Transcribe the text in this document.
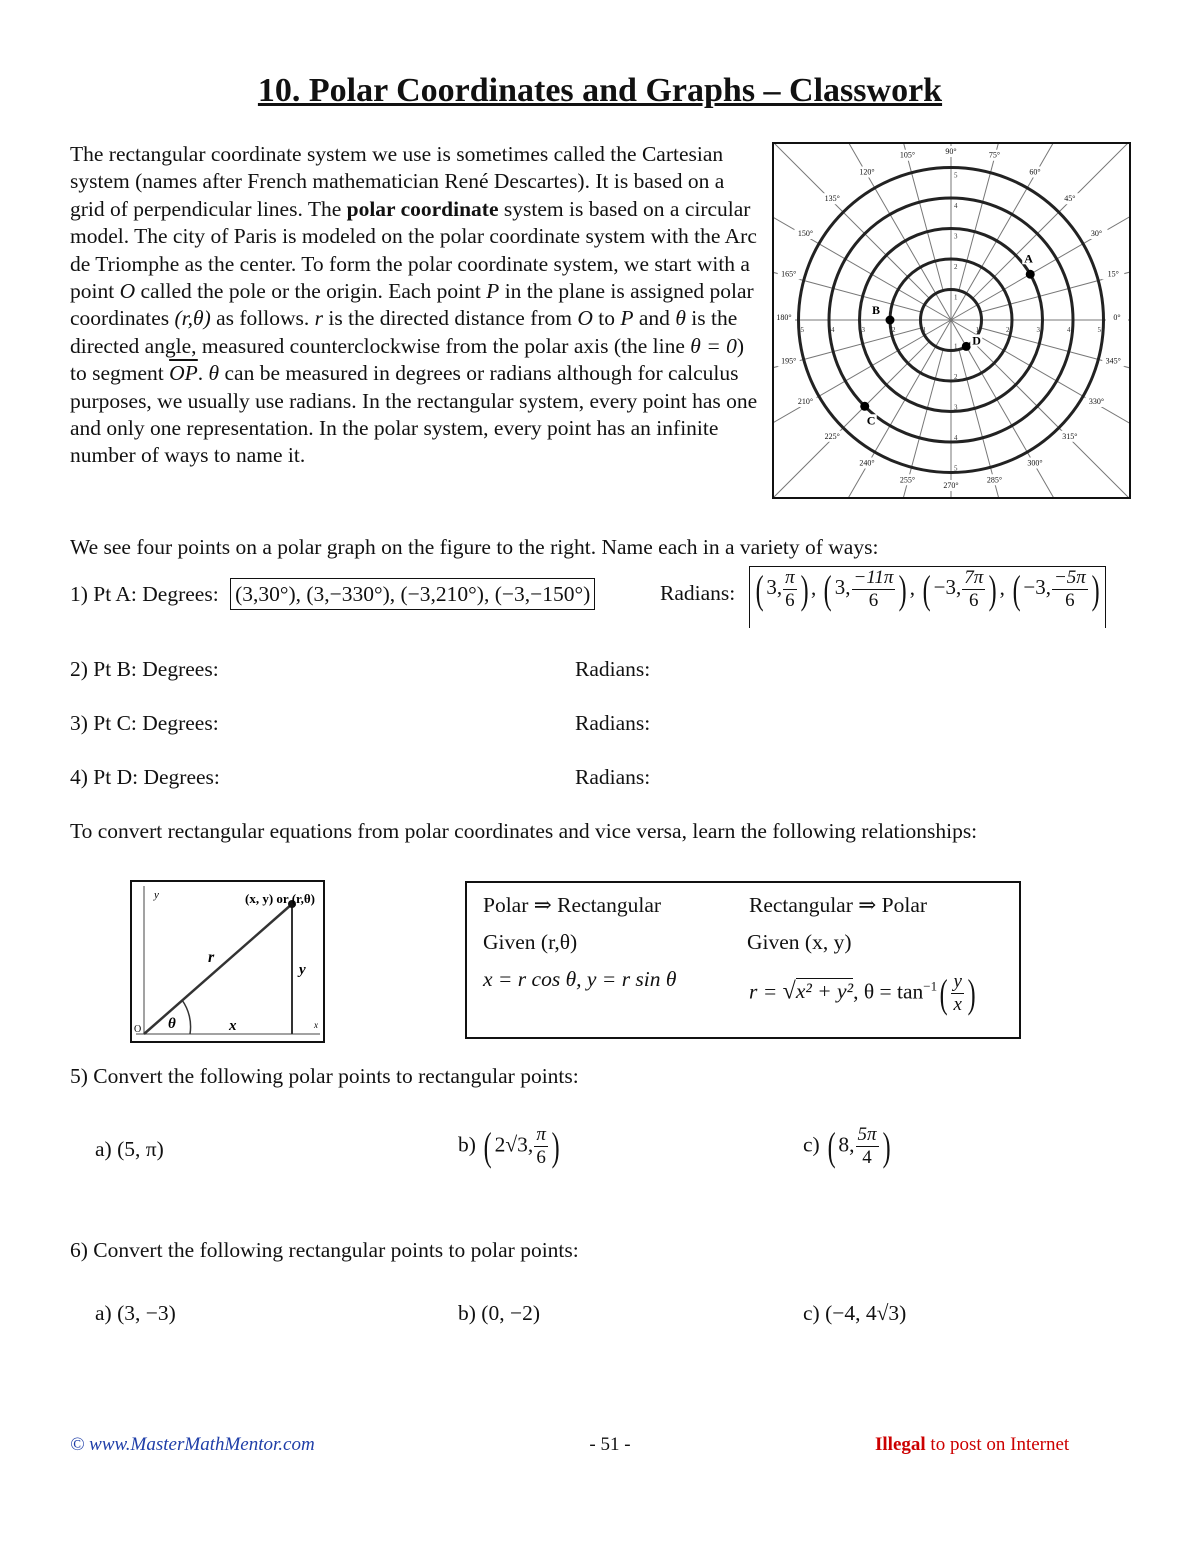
10. Polar Coordinates and Graphs – Classwork
The rectangular coordinate system we use is sometimes called the Cartesian system (names after French mathematician René Descartes). It is based on a grid of perpendicular lines. The polar coordinate system is based on a circular model. The city of Paris is modeled on the polar coordinate system with the Arc de Triomphe as the center. To form the polar coordinate system, we start with a point O called the pole or the origin. Each point P in the plane is assigned polar coordinates (r,θ) as follows. r is the directed distance from O to P and θ is the directed angle, measured counterclockwise from the polar axis (the line θ = 0) to segment $\overline{OP}$. θ can be measured in degrees or radians although for calculus purposes, we usually use radians. In the rectangular system, every point has one and only one representation. In the polar system, every point has an infinite number of ways to name it.
1
1
1
1
2
2
2
2
3
3
3
3
4
4
4
4
5
5
5
5
0°
15°
30°
45°
60°
75°
90°
105°
120°
135°
150°
165°
180°
195°
210°
225°
240°
255°
270°
285°
300°
315°
330°
345°
A
B
C
D
We see four points on a polar graph on the figure to the right. Name each in a variety of ways:
1) Pt A: Degrees: (3,30°), (3,−330°), (−3,210°), (−3,−150°)	Radians: ( 3, $\frac{\pi}{6}$ ) , ( 3, $\frac{-11\pi}{6}$ ) , ( −3, $\frac{7\pi}{6}$ ) , ( −3, $\frac{-5\pi}{6}$ )
2) Pt B: Degrees:	Radians:
3) Pt C: Degrees:	Radians:
4) Pt D: Degrees:	Radians:
To convert rectangular equations from polar coordinates and vice versa, learn the following relationships:
y
x
O
(x, y) or (r,θ)
r
y
x
θ
Polar ⇒ Rectangular
Given (r,θ)
x = r cos θ, y = r sin θ
Rectangular ⇒ Polar
Given (x, y)
r = √x² + y², $\theta = \tan^{-1}( \frac{y}{x}$ )
5) Convert the following polar points to rectangular points:
a) (5, π)	b) ( 2√3, $\frac{\pi}{6}$ )	c) ( 8, $\frac{5\pi}{4}$ )
6) Convert the following rectangular points to polar points:
a) (3, −3)	b) (0, −2)	c) (−4, 4√3)
© www.MasterMathMentor.com	- 51 -	Illegal to post on Internet
